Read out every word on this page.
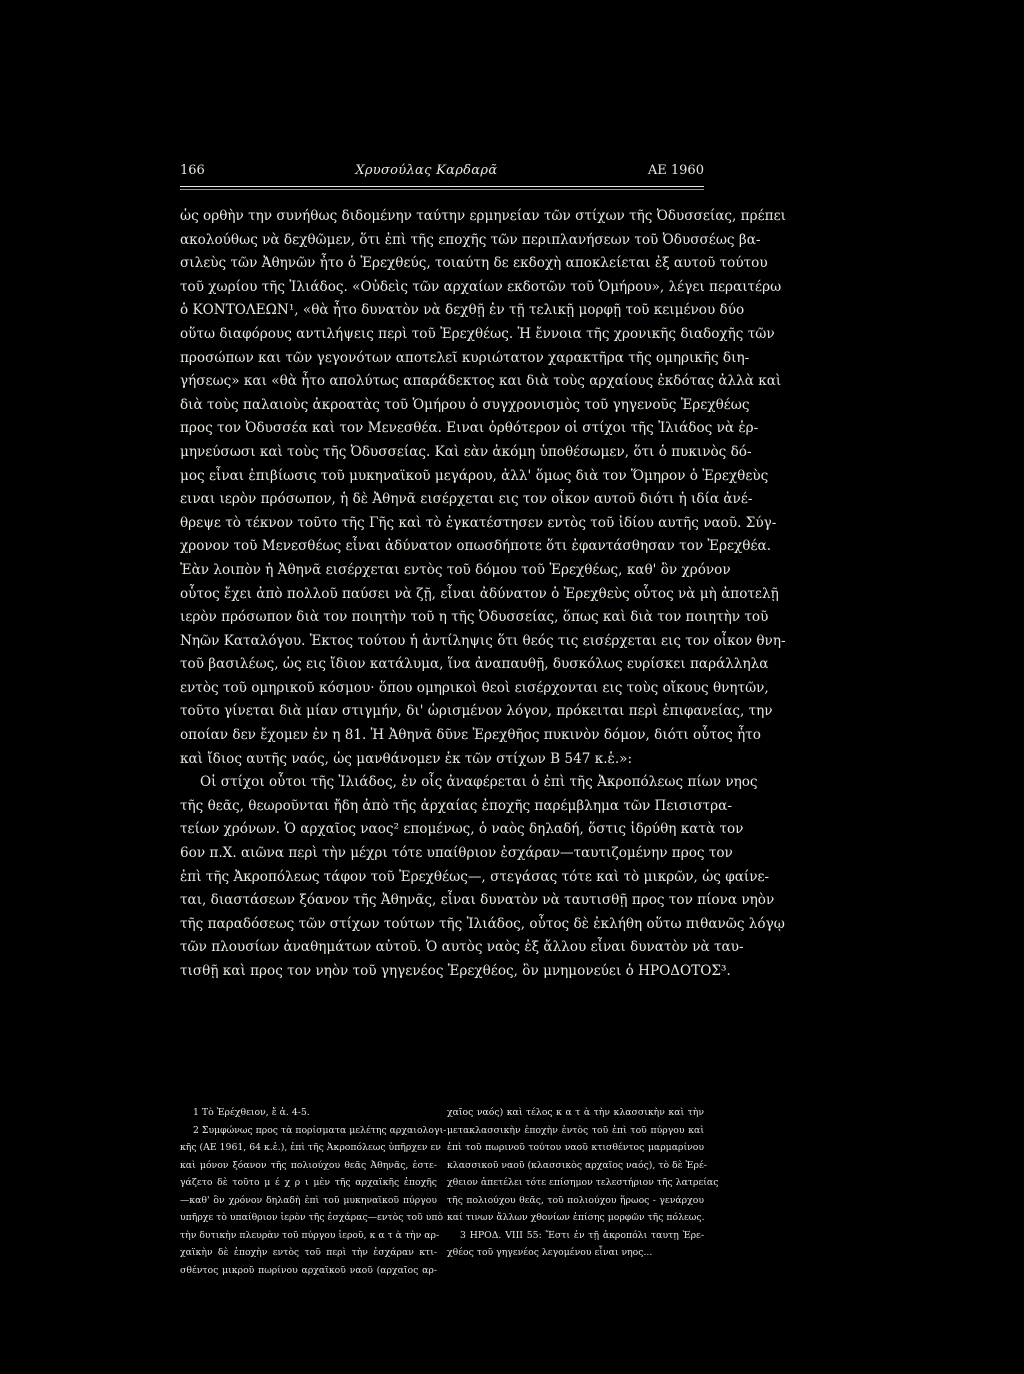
166	Χρυσούλας Καρδαρᾶ	ΑΕ 1960
ὡς ορθὴν την συνήθως διδομένην ταύτην ερμηνείαν τῶν στίχων τῆς Ὀδυσσείας, πρέπει
ακολούθως νὰ δεχθῶμεν, ὅτι ἐπὶ τῆς εποχῆς τῶν περιπλανήσεων τοῦ Ὀδυσσέως βα-
σιλεὺς τῶν Ἀθηνῶν ἦτο ὁ Ἐρεχθεύς, τοιαύτη δε εκδοχὴ αποκλείεται ἐξ αυτοῦ τούτου
τοῦ χωρίου τῆς Ἰλιάδος. «Οὐδεὶς τῶν αρχαίων εκδοτῶν τοῦ Ὁμήρου», λέγει περαιτέρω
ὁ ΚΟΝΤΟΛΕΩΝ¹, «θὰ ἦτο δυνατὸν νὰ δεχθῇ ἐν τῇ τελικῇ μορφῇ τοῦ κειμένου δύο
οὕτω διαφόρους αντιλήψεις περὶ τοῦ Ἐρεχθέως. Ἡ ἔννοια τῆς χρονικῆς διαδοχῆς τῶν
προσώπων και τῶν γεγονότων αποτελεῖ κυριώτατον χαρακτῆρα τῆς ομηρικῆς διη-
γήσεως» και «θὰ ἦτο απολύτως απαράδεκτος και διὰ τοὺς αρχαίους ἐκδότας ἀλλὰ καὶ
διὰ τοὺς παλαιοὺς ἀκροατὰς τοῦ Ὁμήρου ὁ συγχρονισμὸς τοῦ γηγενοῦς Ἐρεχθέως
προς τον Ὀδυσσέα καὶ τον Μενεσθέα. Ειναι ὀρθότερον οἱ στίχοι τῆς Ἰλιάδος νὰ ἑρ-
μηνεύσωσι καὶ τοὺς τῆς Ὀδυσσείας. Καὶ εὰν ἀκόμη ὑποθέσωμεν, ὅτι ὁ πυκινὸς δό-
μος εἶναι ἐπιβίωσις τοῦ μυκηναϊκοῦ μεγάρου, ἀλλ' ὅμως διὰ τον Ὅμηρον ὁ Ἐρεχθεὺς
ειναι ιερὸν πρόσωπον, ἡ δὲ Ἀθηνᾶ εισέρχεται εις τον οἶκον αυτοῦ διότι ἡ ιδία ἀνέ-
θρεψε τὸ τέκνον τοῦτο τῆς Γῆς καὶ τὸ ἐγκατέστησεν εντὸς τοῦ ἰδίου αυτῆς ναοῦ. Σύγ-
χρονον τοῦ Μενεσθέως εἶναι ἀδύνατον οπωσδήποτε ὅτι ἐφαντάσθησαν τον Ἐρεχθέα.
Ἐὰν λοιπὸν ἡ Ἀθηνᾶ εισέρχεται εντὸς τοῦ δόμου τοῦ Ἐρεχθέως, καθ' ὃν χρόνον
οὗτος ἔχει ἀπὸ πολλοῦ παύσει νὰ ζῇ, εἶναι ἀδύνατον ὁ Ἐρεχθεὺς οὗτος νὰ μὴ ἀποτελῇ
ιερὸν πρόσωπον διὰ τον ποιητὴν τοῦ η τῆς Ὀδυσσείας, ὅπως καὶ διὰ τον ποιητὴν τοῦ
Νηῶν Καταλόγου. Ἐκτος τούτου ἡ ἀντίληψις ὅτι θεός τις εισέρχεται εις τον οἶκον θνη-
τοῦ βασιλέως, ὡς εις ἴδιον κατάλυμα, ἵνα ἀναπαυθῇ, δυσκόλως ευρίσκει παράλληλα
εντὸς τοῦ ομηρικοῦ κόσμου· ὅπου ομηρικοὶ θεοὶ εισέρχονται εις τοὺς οἴκους θνητῶν,
τοῦτο γίνεται διὰ μίαν στιγμήν, δι' ὡρισμένον λόγον, πρόκειται περὶ ἐπιφανείας, την
οποίαν δεν ἔχομεν ἐν η 81. Ἡ Ἀθηνᾶ δῦνε Ἐρεχθῆος πυκινὸν δόμον, διότι οὗτος ἦτο
καὶ ἴδιος αυτῆς ναός, ὡς μανθάνομεν ἐκ τῶν στίχων Β 547 κ.ἑ.»:
Οἱ στίχοι οὗτοι τῆς Ἰλιάδος, ἐν οἷς ἀναφέρεται ὁ ἐπὶ τῆς Ἀκροπόλεως πίων νηος
τῆς θεᾶς, θεωροῦνται ἤδη ἀπὸ τῆς ἀρχαίας ἐποχῆς παρέμβλημα τῶν Πεισιστρα-
τείων χρόνων. Ὁ αρχαῖος ναος² επομένως, ὁ ναὸς δηλαδή, ὅστις ἱδρύθη κατὰ τον
6ον π.Χ. αιῶνα περὶ τὴν μέχρι τότε υπαίθριον ἐσχάραν—ταυτιζομένην προς τον
ἐπὶ τῆς Ἀκροπόλεως τάφον τοῦ Ἐρεχθέως—, στεγάσας τότε καὶ τὸ μικρῶν, ὡς φαίνε-
ται, διαστάσεων ξόανον τῆς Ἀθηνᾶς, εἶναι δυνατὸν νὰ ταυτισθῇ προς τον πίονα νηὸν
τῆς παραδόσεως τῶν στίχων τούτων τῆς Ἰλιάδος, οὗτος δὲ ἐκλήθη οὕτω πιθανῶς λόγῳ
τῶν πλουσίων ἀναθημάτων αὐτοῦ. Ὁ αυτὸς ναὸς ἐξ ἄλλου εἶναι δυνατὸν νὰ ταυ-
τισθῇ καὶ προς τον νηὸν τοῦ γηγενέος Ἐρεχθέος, ὃν μνημονεύει ὁ ΗΡΟΔΟΤΟΣ³.
1 Τὸ Ἐρέχθειον, ἔ ἀ. 4-5.
2 Συμφώνως προς τὰ πορίσματα μελέτης αρχαιολογι-
κῆς (ΑΕ 1961, 64 κ.ἑ.), ἐπὶ τῆς Ἀκροπόλεως ὑπῆρχεν εν
καὶ μόνον ξόανον τῆς πολιούχου θεᾶς Ἀθηνᾶς, ἐστε-
γάζετο δὲ τοῦτο μ έ χ ρ ι μὲν τῆς αρχαϊκῆς ἐποχῆς
—καθ' ὃν χρόνον δηλαδὴ ἐπὶ τοῦ μυκηναϊκοῦ πύργου
υπῆρχε τὸ υπαίθριον ἱερὸν τῆς ἐσχάρας—εντὸς τοῦ υπὸ
τὴν δυτικὴν πλευρὰν τοῦ πύργου ἱεροῦ, κ α τ ὰ τὴν αρ-
χαϊκὴν δὲ ἐποχὴν εντὸς τοῦ περὶ τὴν ἐσχάραν κτι-
σθέντος μικροῦ πωρίνου αρχαϊκοῦ ναοῦ (αρχαῖος αρ-
χαῖος ναός) καὶ τέλος κ α τ ὰ τὴν κλασσικὴν καὶ τὴν
μετακλασσικὴν ἐποχὴν ἐντὸς τοῦ ἐπὶ τοῦ πύργου καὶ
ἐπὶ τοῦ πωρινοῦ τούτου ναοῦ κτισθέντος μαρμαρίνου
κλασσικοῦ ναοῦ (κλασσικὸς αρχαῖος ναός), τὸ δὲ Ἐρέ-
χθειον ἀπετέλει τότε επίσημον τελεστήριον τῆς λατρείας
τῆς πολιούχου θεᾶς, τοῦ πολιούχου ἥρωος - γενάρχου
καί τινων ἄλλων χθονίων ἐπίσης μορφῶν τῆς πόλεως.
3 ΗΡΟΔ. VIII 55: Ἔστι ἐν τῇ ἀκροπόλι ταυτῃ Ἐρε-
χθέος τοῦ γηγενέος λεγομένου εἶναι νηος...
